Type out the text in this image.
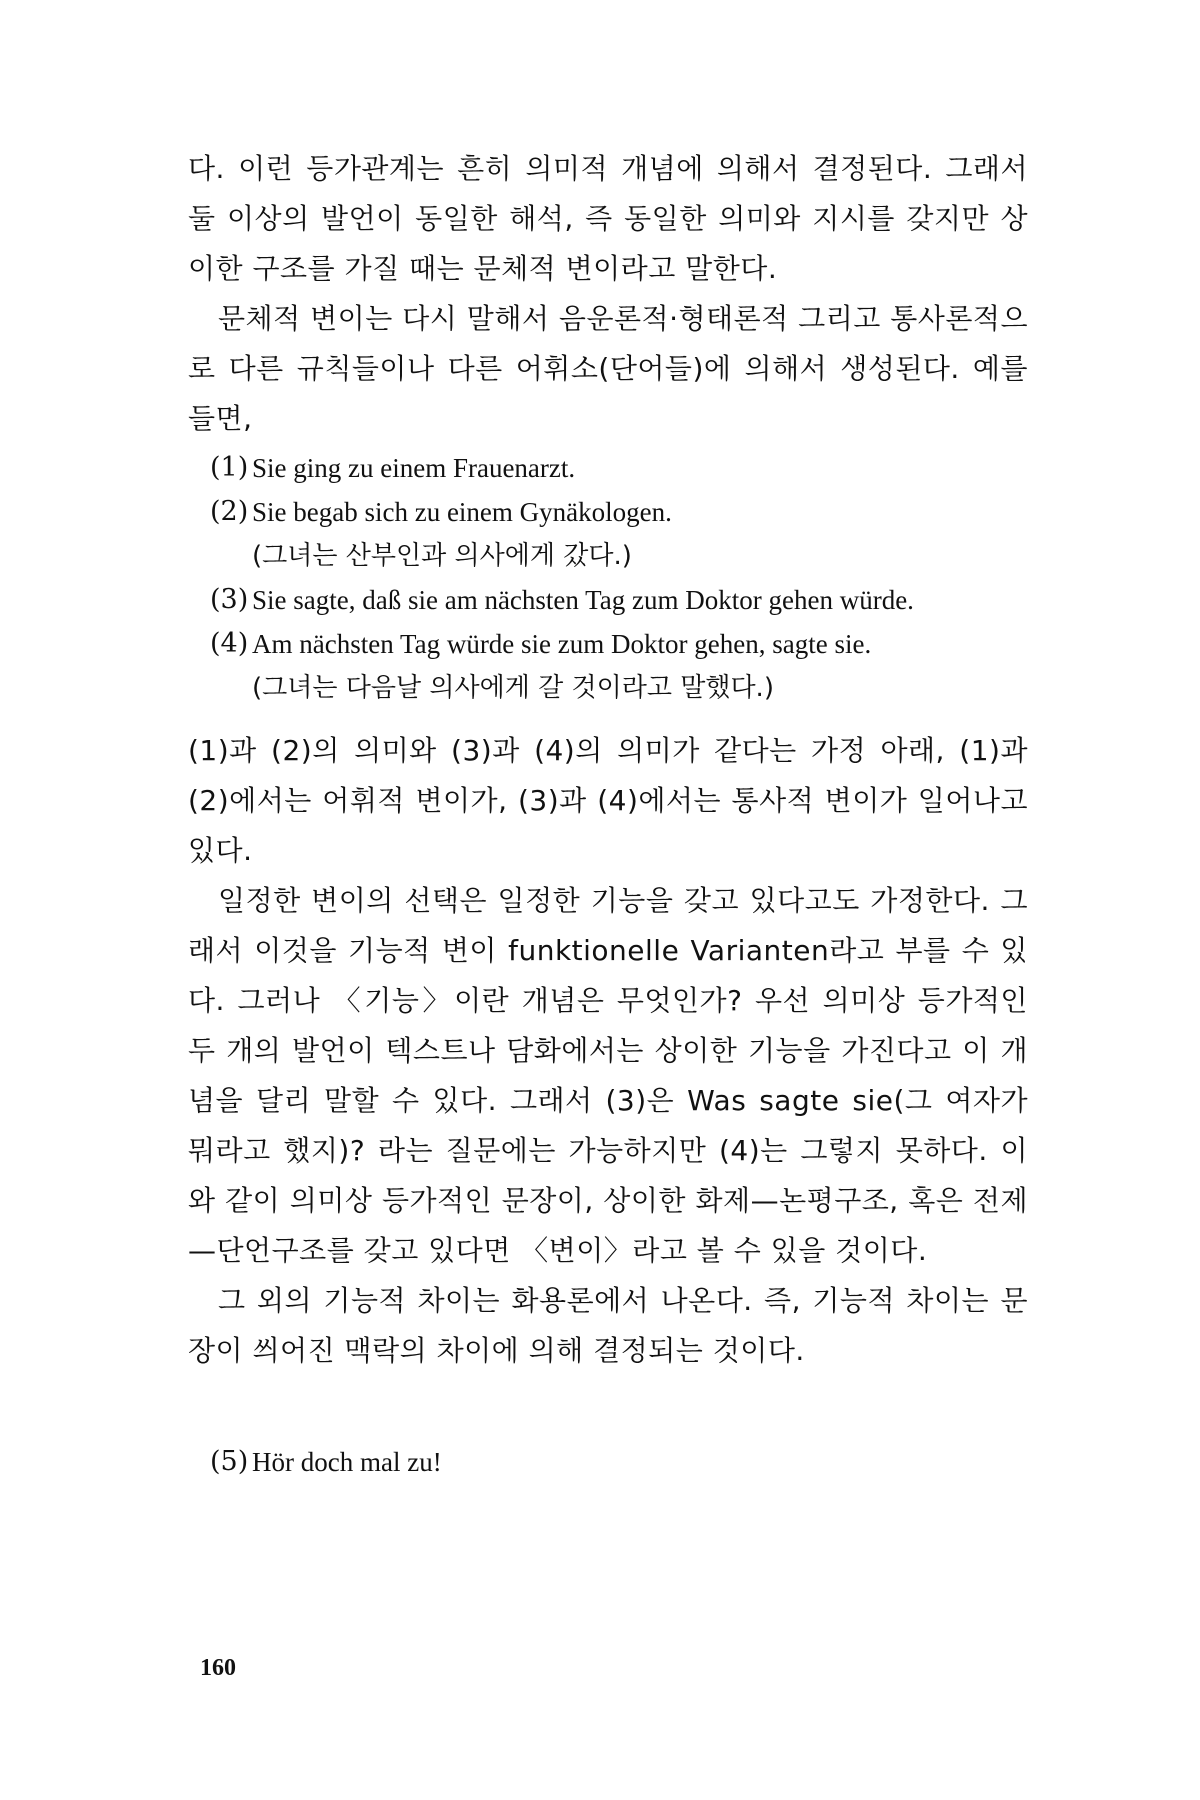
다. 이런 등가관계는 흔히 의미적 개념에 의해서 결정된다. 그래서 둘 이상의 발언이 동일한 해석, 즉 동일한 의미와 지시를 갖지만 상이한 구조를 가질 때는 문체적 변이라고 말한다.

문체적 변이는 다시 말해서 음운론적·형태론적 그리고 통사론적으로 다른 규칙들이나 다른 어휘소(단어들)에 의해서 생성된다. 예를 들면,

(1) Sie ging zu einem Frauenarzt.
(2) Sie begab sich zu einem Gynäkologen.
(그녀는 산부인과 의사에게 갔다.)
(3) Sie sagte, daß sie am nächsten Tag zum Doktor gehen würde.
(4) Am nächsten Tag würde sie zum Doktor gehen, sagte sie.
(그녀는 다음날 의사에게 갈 것이라고 말했다.)

(1)과 (2)의 의미와 (3)과 (4)의 의미가 같다는 가정 아래, (1)과 (2)에서는 어휘적 변이가, (3)과 (4)에서는 통사적 변이가 일어나고 있다.

일정한 변이의 선택은 일정한 기능을 갖고 있다고도 가정한다. 그래서 이것을 기능적 변이 funktionelle Varianten라고 부를 수 있다. 그러나 〈기능〉이란 개념은 무엇인가? 우선 의미상 등가적인 두 개의 발언이 텍스트나 담화에서는 상이한 기능을 가진다고 이 개념을 달리 말할 수 있다. 그래서 (3)은 Was sagte sie(그 여자가 뭐라고 했지)? 라는 질문에는 가능하지만 (4)는 그렇지 못하다. 이와 같이 의미상 등가적인 문장이, 상이한 화제—논평구조, 혹은 전제—단언구조를 갖고 있다면 〈변이〉라고 볼 수 있을 것이다.

그 외의 기능적 차이는 화용론에서 나온다. 즉, 기능적 차이는 문장이 씌어진 맥락의 차이에 의해 결정되는 것이다.

(5) Hör doch mal zu!
160
